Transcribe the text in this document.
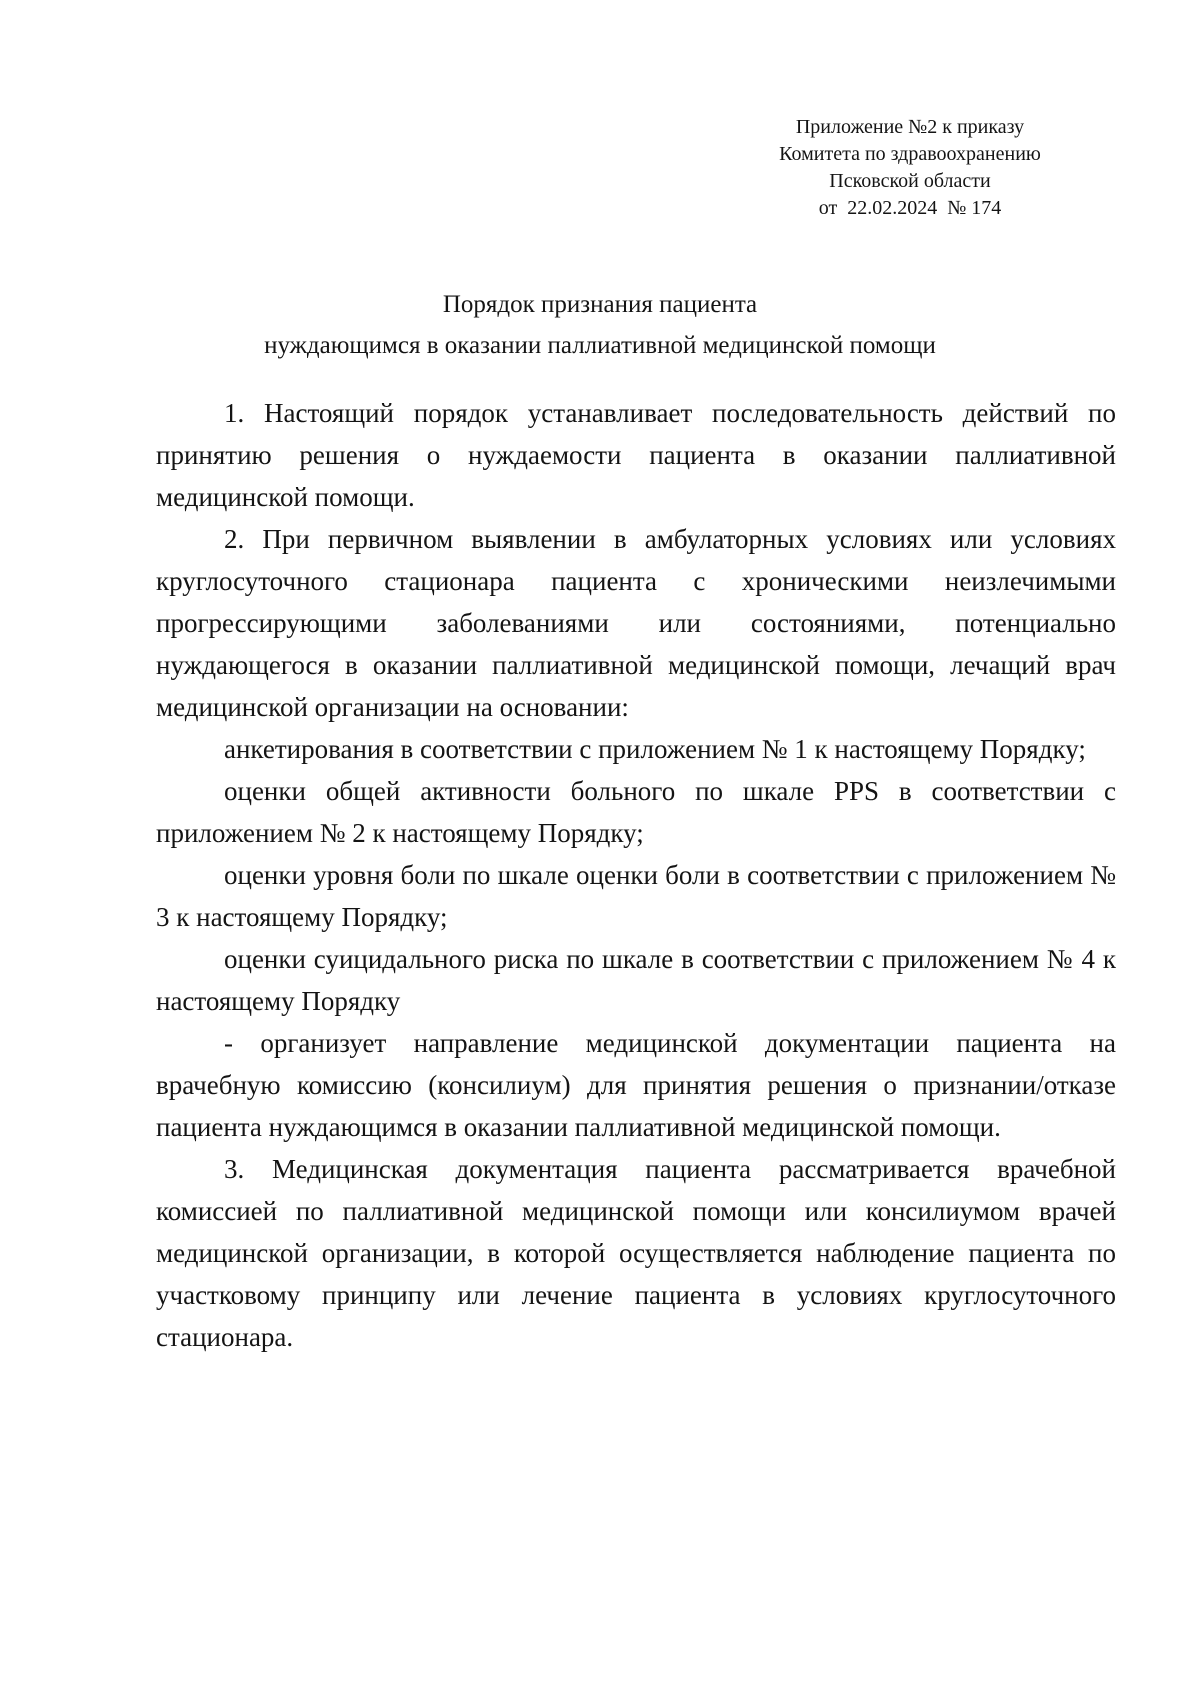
Приложение №2 к приказу
Комитета по здравоохранению
Псковской области
от  22.02.2024  № 174
Порядок признания пациента
нуждающимся в оказании паллиативной медицинской помощи

1. Настоящий порядок устанавливает последовательность действий по принятию решения о нуждаемости пациента в оказании паллиативной медицинской помощи.

2. При первичном выявлении в амбулаторных условиях или условиях круглосуточного стационара пациента с хроническими неизлечимыми прогрессирующими заболеваниями или состояниями, потенциально нуждающегося в оказании паллиативной медицинской помощи, лечащий врач медицинской организации на основании:

анкетирования в соответствии с приложением № 1 к настоящему Порядку;

оценки общей активности больного по шкале PPS в соответствии с приложением № 2 к настоящему Порядку;

оценки уровня боли по шкале оценки боли в соответствии с приложением № 3 к настоящему Порядку;

оценки суицидального риска по шкале в соответствии с приложением № 4 к настоящему Порядку

- организует направление медицинской документации пациента на врачебную комиссию (консилиум) для принятия решения о признании/отказе пациента нуждающимся в оказании паллиативной медицинской помощи.

3. Медицинская документация пациента рассматривается врачебной комиссией по паллиативной медицинской помощи или консилиумом врачей медицинской организации, в которой осуществляется наблюдение пациента по участковому принципу или лечение пациента в условиях круглосуточного стационара.
